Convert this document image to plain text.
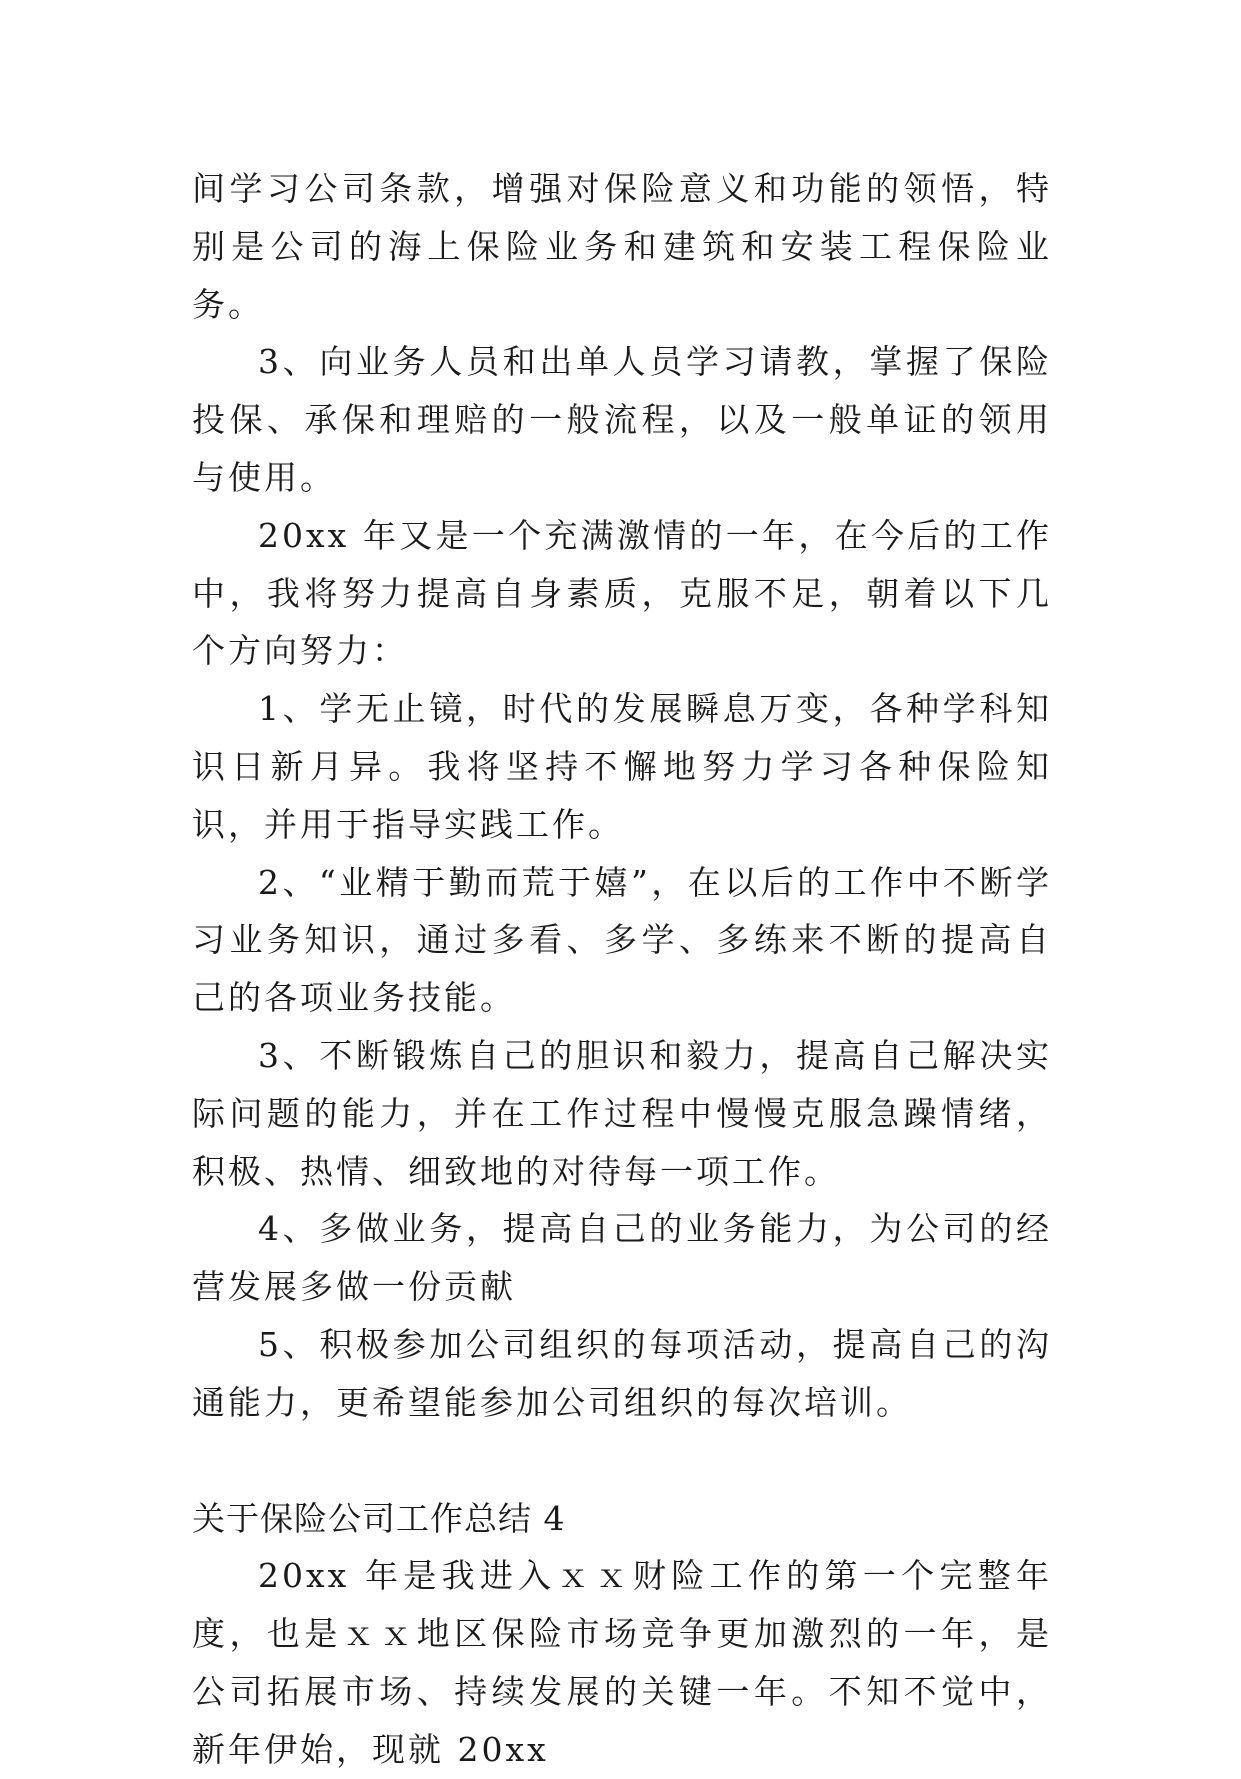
间学习公司条款，增强对保险意义和功能的领悟，特别是公司的海上保险业务和建筑和安装工程保险业务。

3、向业务人员和出单人员学习请教，掌握了保险投保、承保和理赔的一般流程，以及一般单证的领用与使用。

20xx 年又是一个充满激情的一年，在今后的工作中，我将努力提高自身素质，克服不足，朝着以下几个方向努力：

1、学无止镜，时代的发展瞬息万变，各种学科知识日新月异。我将坚持不懈地努力学习各种保险知识，并用于指导实践工作。

2、“业精于勤而荒于嬉”，在以后的工作中不断学习业务知识，通过多看、多学、多练来不断的提高自己的各项业务技能。

3、不断锻炼自己的胆识和毅力，提高自己解决实际问题的能力，并在工作过程中慢慢克服急躁情绪，积极、热情、细致地的对待每一项工作。

4、多做业务，提高自己的业务能力，为公司的经营发展多做一份贡献

5、积极参加公司组织的每项活动，提高自己的沟通能力，更希望能参加公司组织的每次培训。

关于保险公司工作总结 4

20xx 年是我进入ｘｘ财险工作的第一个完整年度，也是ｘｘ地区保险市场竞争更加激烈的一年，是公司拓展市场、持续发展的关键一年。不知不觉中，新年伊始，现就 20xx
